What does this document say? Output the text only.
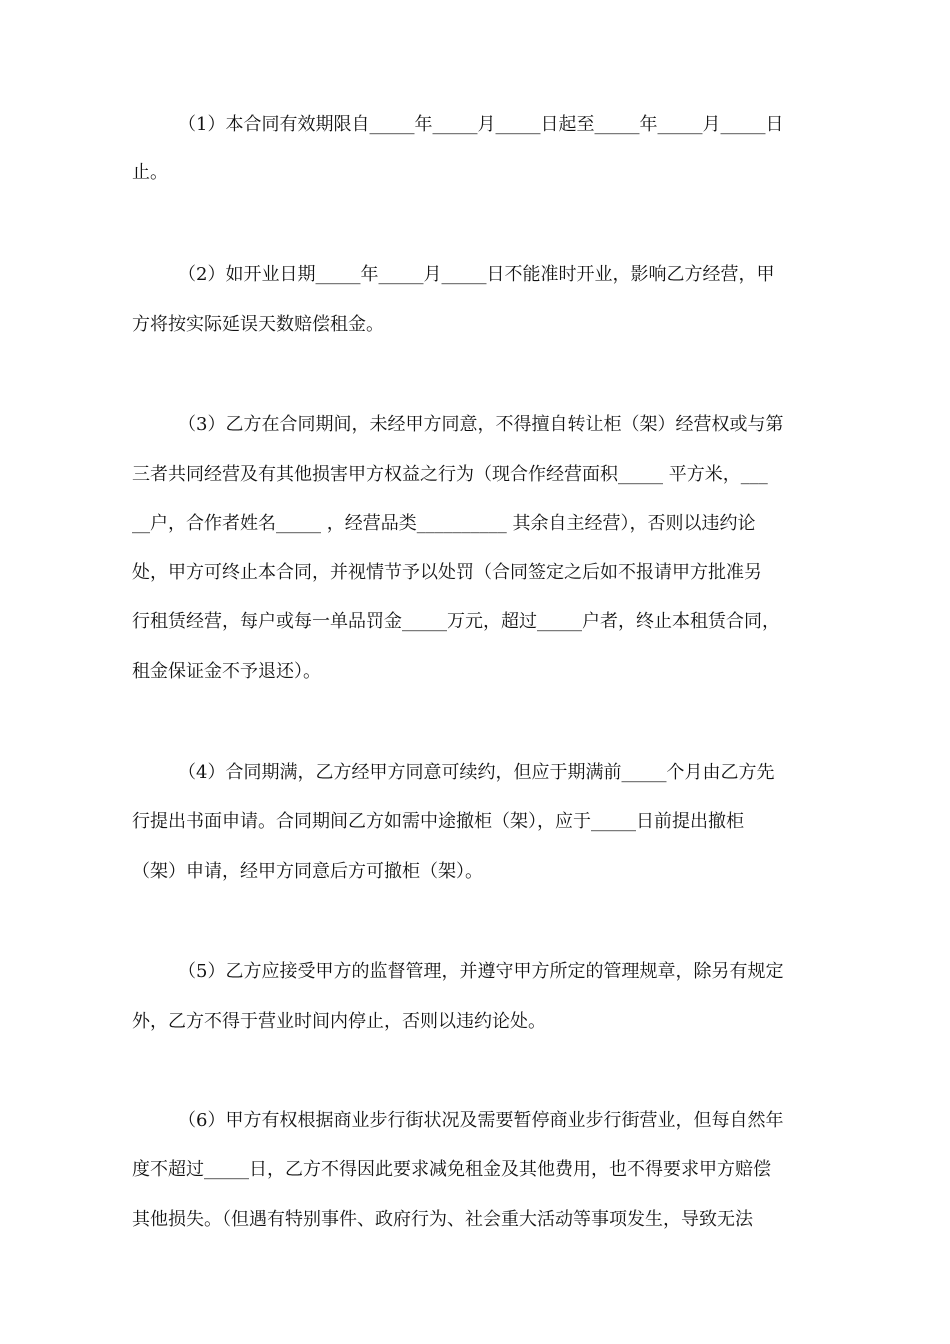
（1）本合同有效期限自_____年_____月_____日起至_____年_____月_____日
止。
（2）如开业日期_____年_____月_____日不能准时开业，影响乙方经营，甲
方将按实际延误天数赔偿租金。
（3）乙方在合同期间，未经甲方同意，不得擅自转让柜（架）经营权或与第
三者共同经营及有其他损害甲方权益之行为（现合作经营面积_____ 平方米，___
__户，合作者姓名_____ ，经营品类__________ 其余自主经营），否则以违约论
处，甲方可终止本合同，并视情节予以处罚（合同签定之后如不报请甲方批准另
行租赁经营，每户或每一单品罚金_____万元，超过_____户者，终止本租赁合同，
租金保证金不予退还）。
（4）合同期满，乙方经甲方同意可续约，但应于期满前_____个月由乙方先
行提出书面申请。合同期间乙方如需中途撤柜（架），应于_____日前提出撤柜
（架）申请，经甲方同意后方可撤柜（架）。
（5）乙方应接受甲方的监督管理，并遵守甲方所定的管理规章，除另有规定
外，乙方不得于营业时间内停止，否则以违约论处。
（6）甲方有权根据商业步行街状况及需要暂停商业步行街营业，但每自然年
度不超过_____日，乙方不得因此要求减免租金及其他费用，也不得要求甲方赔偿
其他损失。（但遇有特别事件、政府行为、社会重大活动等事项发生，导致无法
